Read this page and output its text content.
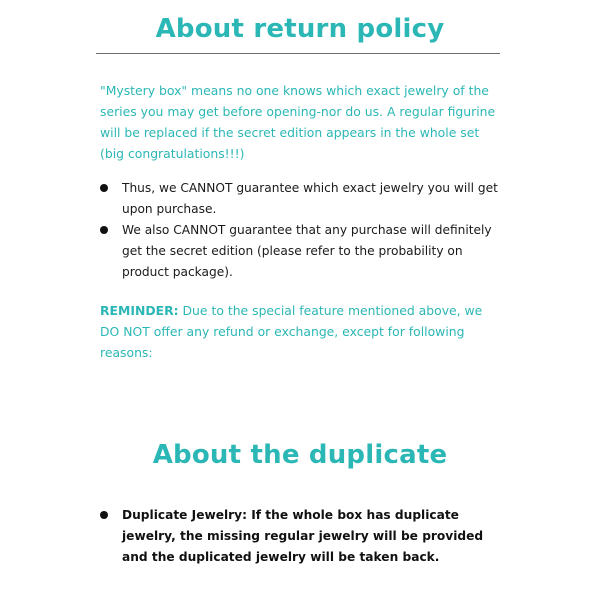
About return policy

"Mystery box" means no one knows which exact jewelry of the series you may get before opening-nor do us. A regular figurine will be replaced if the secret edition appears in the whole set (big congratulations!!!)

Thus, we CANNOT guarantee which exact jewelry you will get upon purchase.
We also CANNOT guarantee that any purchase will definitely get the secret edition (please refer to the probability on product package).

REMINDER: Due to the special feature mentioned above, we DO NOT offer any refund or exchange, except for following reasons:

About the duplicate
Duplicate Jewelry: If the whole box has duplicate jewelry, the missing regular jewelry will be provided and the duplicated jewelry will be taken back.
